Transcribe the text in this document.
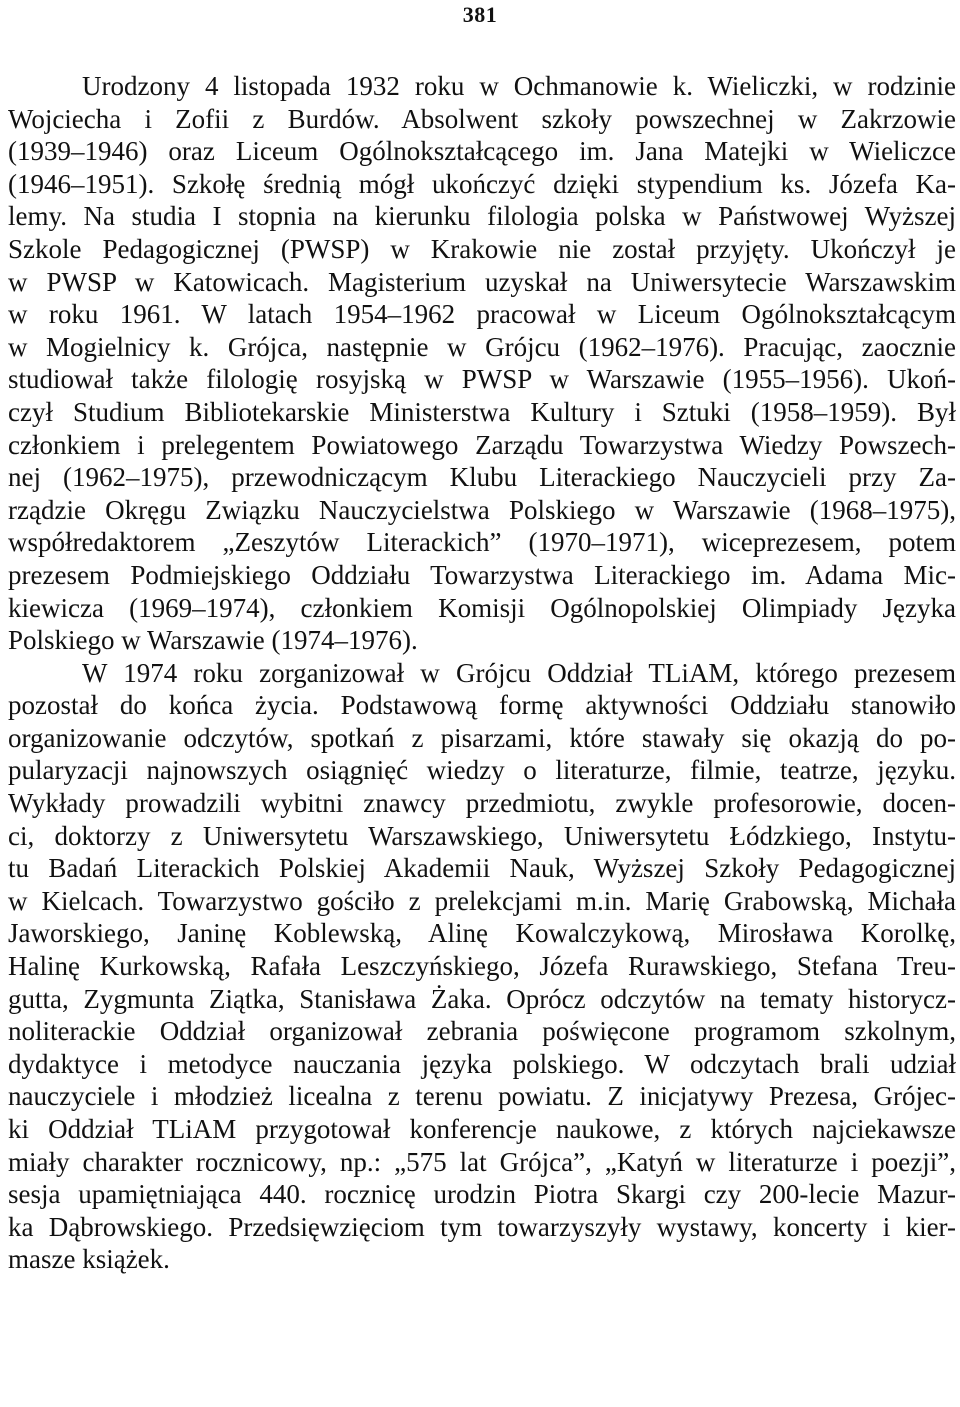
381
Urodzony 4 listopada 1932 roku w Ochmanowie k. Wieliczki, w rodzinie
Wojciecha i Zofii z Burdów. Absolwent szkoły powszechnej w Zakrzowie
(1939–1946) oraz Liceum Ogólnokształcącego im. Jana Matejki w Wieliczce
(1946–1951). Szkołę średnią mógł ukończyć dzięki stypendium ks. Józefa Ka-
lemy. Na studia I stopnia na kierunku filologia polska w Państwowej Wyższej
Szkole Pedagogicznej (PWSP) w Krakowie nie został przyjęty. Ukończył je
w PWSP w Katowicach. Magisterium uzyskał na Uniwersytecie Warszawskim
w roku 1961. W latach 1954–1962 pracował w Liceum Ogólnokształcącym
w Mogielnicy k. Grójca, następnie w Grójcu (1962–1976). Pracując, zaocznie
studiował także filologię rosyjską w PWSP w Warszawie (1955–1956). Ukoń-
czył Studium Bibliotekarskie Ministerstwa Kultury i Sztuki (1958–1959). Był
członkiem i prelegentem Powiatowego Zarządu Towarzystwa Wiedzy Powszech-
nej (1962–1975), przewodniczącym Klubu Literackiego Nauczycieli przy Za-
rządzie Okręgu Związku Nauczycielstwa Polskiego w Warszawie (1968–1975),
współredaktorem „Zeszytów Literackich” (1970–1971), wiceprezesem, potem
prezesem Podmiejskiego Oddziału Towarzystwa Literackiego im. Adama Mic-
kiewicza (1969–1974), członkiem Komisji Ogólnopolskiej Olimpiady Języka
Polskiego w Warszawie (1974–1976).
W 1974 roku zorganizował w Grójcu Oddział TLiAM, którego prezesem
pozostał do końca życia. Podstawową formę aktywności Oddziału stanowiło
organizowanie odczytów, spotkań z pisarzami, które stawały się okazją do po-
pularyzacji najnowszych osiągnięć wiedzy o literaturze, filmie, teatrze, języku.
Wykłady prowadzili wybitni znawcy przedmiotu, zwykle profesorowie, docen-
ci, doktorzy z Uniwersytetu Warszawskiego, Uniwersytetu Łódzkiego, Instytu-
tu Badań Literackich Polskiej Akademii Nauk, Wyższej Szkoły Pedagogicznej
w Kielcach. Towarzystwo gościło z prelekcjami m.in. Marię Grabowską, Michała
Jaworskiego, Janinę Koblewską, Alinę Kowalczykową, Mirosława Korolkę,
Halinę Kurkowską, Rafała Leszczyńskiego, Józefa Rurawskiego, Stefana Treu-
gutta, Zygmunta Ziątka, Stanisława Żaka. Oprócz odczytów na tematy historycz-
noliterackie Oddział organizował zebrania poświęcone programom szkolnym,
dydaktyce i metodyce nauczania języka polskiego. W odczytach brali udział
nauczyciele i młodzież licealna z terenu powiatu. Z inicjatywy Prezesa, Grójec-
ki Oddział TLiAM przygotował konferencje naukowe, z których najciekawsze
miały charakter rocznicowy, np.: „575 lat Grójca”, „Katyń w literaturze i poezji”,
sesja upamiętniająca 440. rocznicę urodzin Piotra Skargi czy 200-lecie Mazur-
ka Dąbrowskiego. Przedsięwzięciom tym towarzyszyły wystawy, koncerty i kier-
masze książek.
